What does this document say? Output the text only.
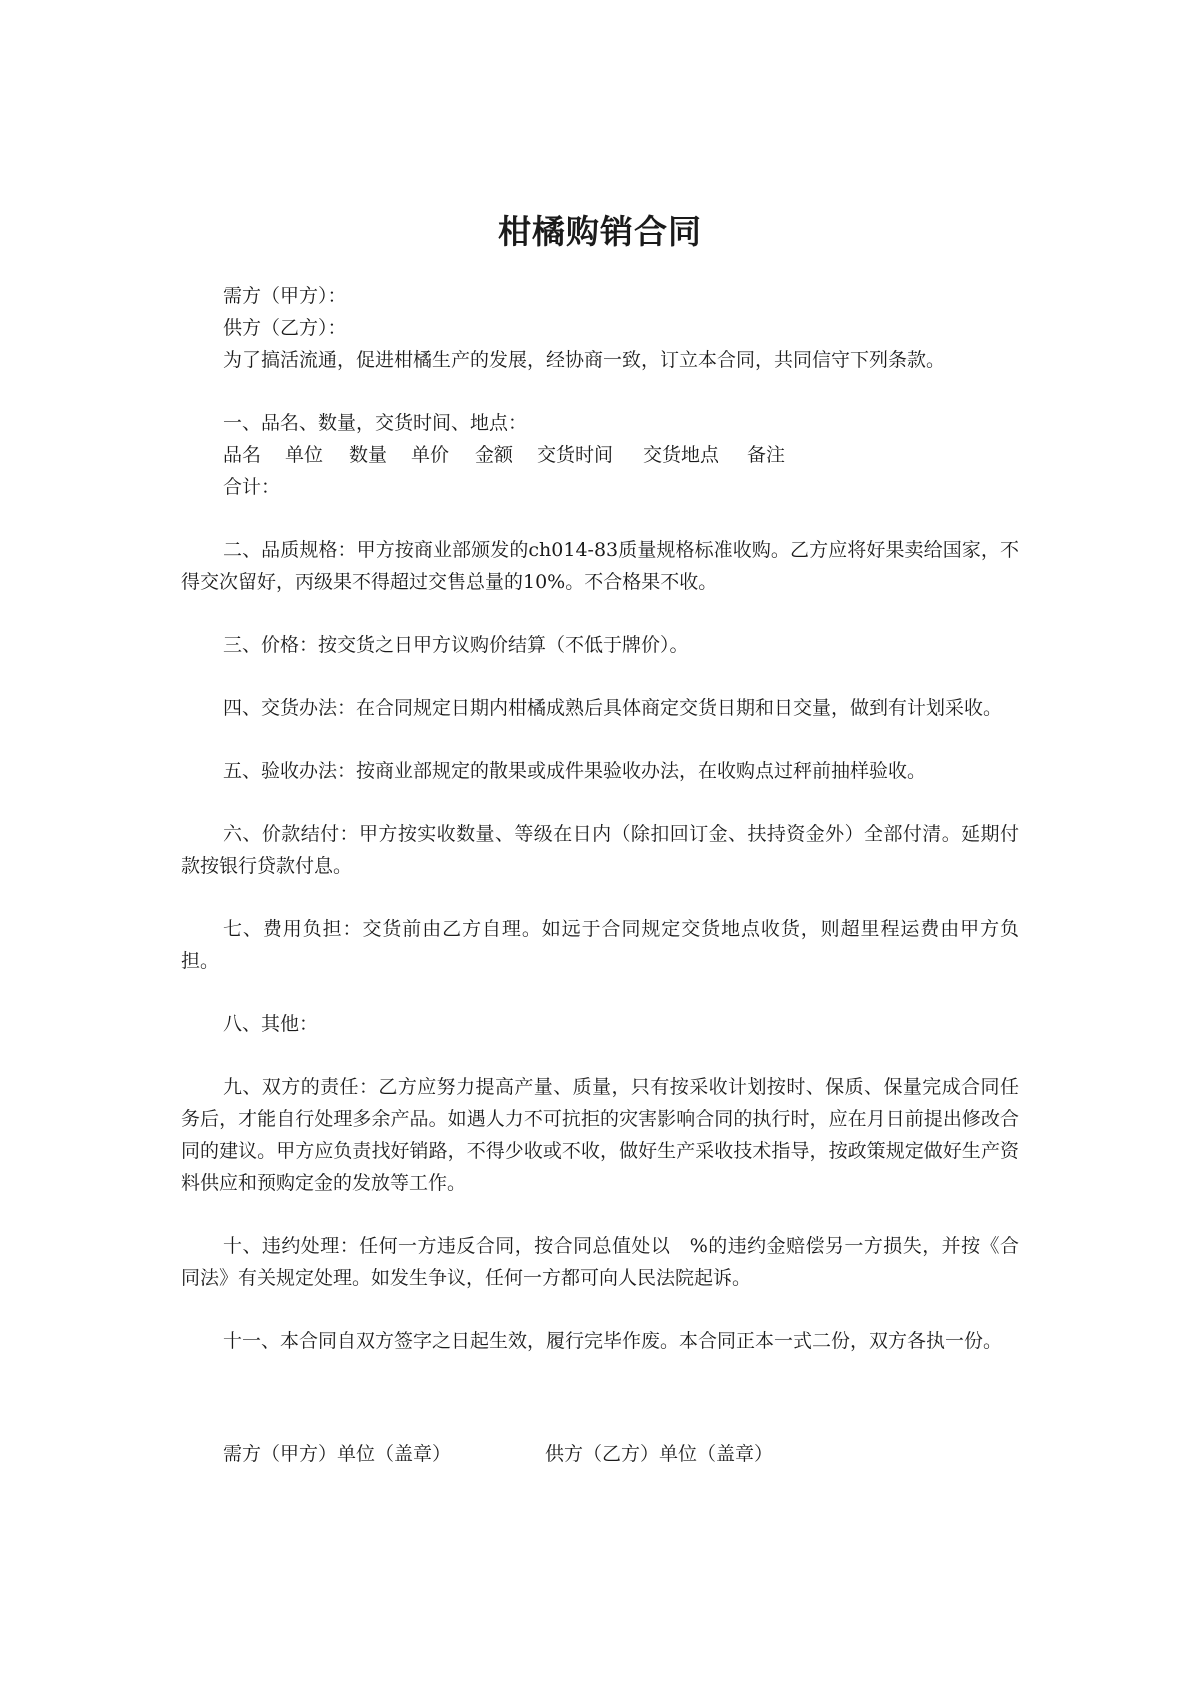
柑橘购销合同

需方（甲方）：

供方（乙方）：

为了搞活流通，促进柑橘生产的发展，经协商一致，订立本合同，共同信守下列条款。

一、品名、数量，交货时间、地点：

品名	单位	数量	单价	金额	交货时间	交货地点	备注

合计：

二、品质规格：甲方按商业部颁发的ch014-83质量规格标准收购。乙方应将好果卖给国家，不得交次留好，丙级果不得超过交售总量的10%。不合格果不收。

三、价格：按交货之日甲方议购价结算（不低于牌价）。

四、交货办法：在合同规定日期内柑橘成熟后具体商定交货日期和日交量，做到有计划采收。

五、验收办法：按商业部规定的散果或成件果验收办法，在收购点过秤前抽样验收。

六、价款结付：甲方按实收数量、等级在日内（除扣回订金、扶持资金外）全部付清。延期付款按银行贷款付息。

七、费用负担：交货前由乙方自理。如远于合同规定交货地点收货，则超里程运费由甲方负担。

八、其他：

九、双方的责任：乙方应努力提高产量、质量，只有按采收计划按时、保质、保量完成合同任务后，才能自行处理多余产品。如遇人力不可抗拒的灾害影响合同的执行时，应在月日前提出修改合同的建议。甲方应负责找好销路，不得少收或不收，做好生产采收技术指导，按政策规定做好生产资料供应和预购定金的发放等工作。

十、违约处理：任何一方违反合同，按合同总值处以　%的违约金赔偿另一方损失，并按《合同法》有关规定处理。如发生争议，任何一方都可向人民法院起诉。

十一、本合同自双方签字之日起生效，履行完毕作废。本合同正本一式二份，双方各执一份。

需方（甲方）单位（盖章）	供方（乙方）单位（盖章）
